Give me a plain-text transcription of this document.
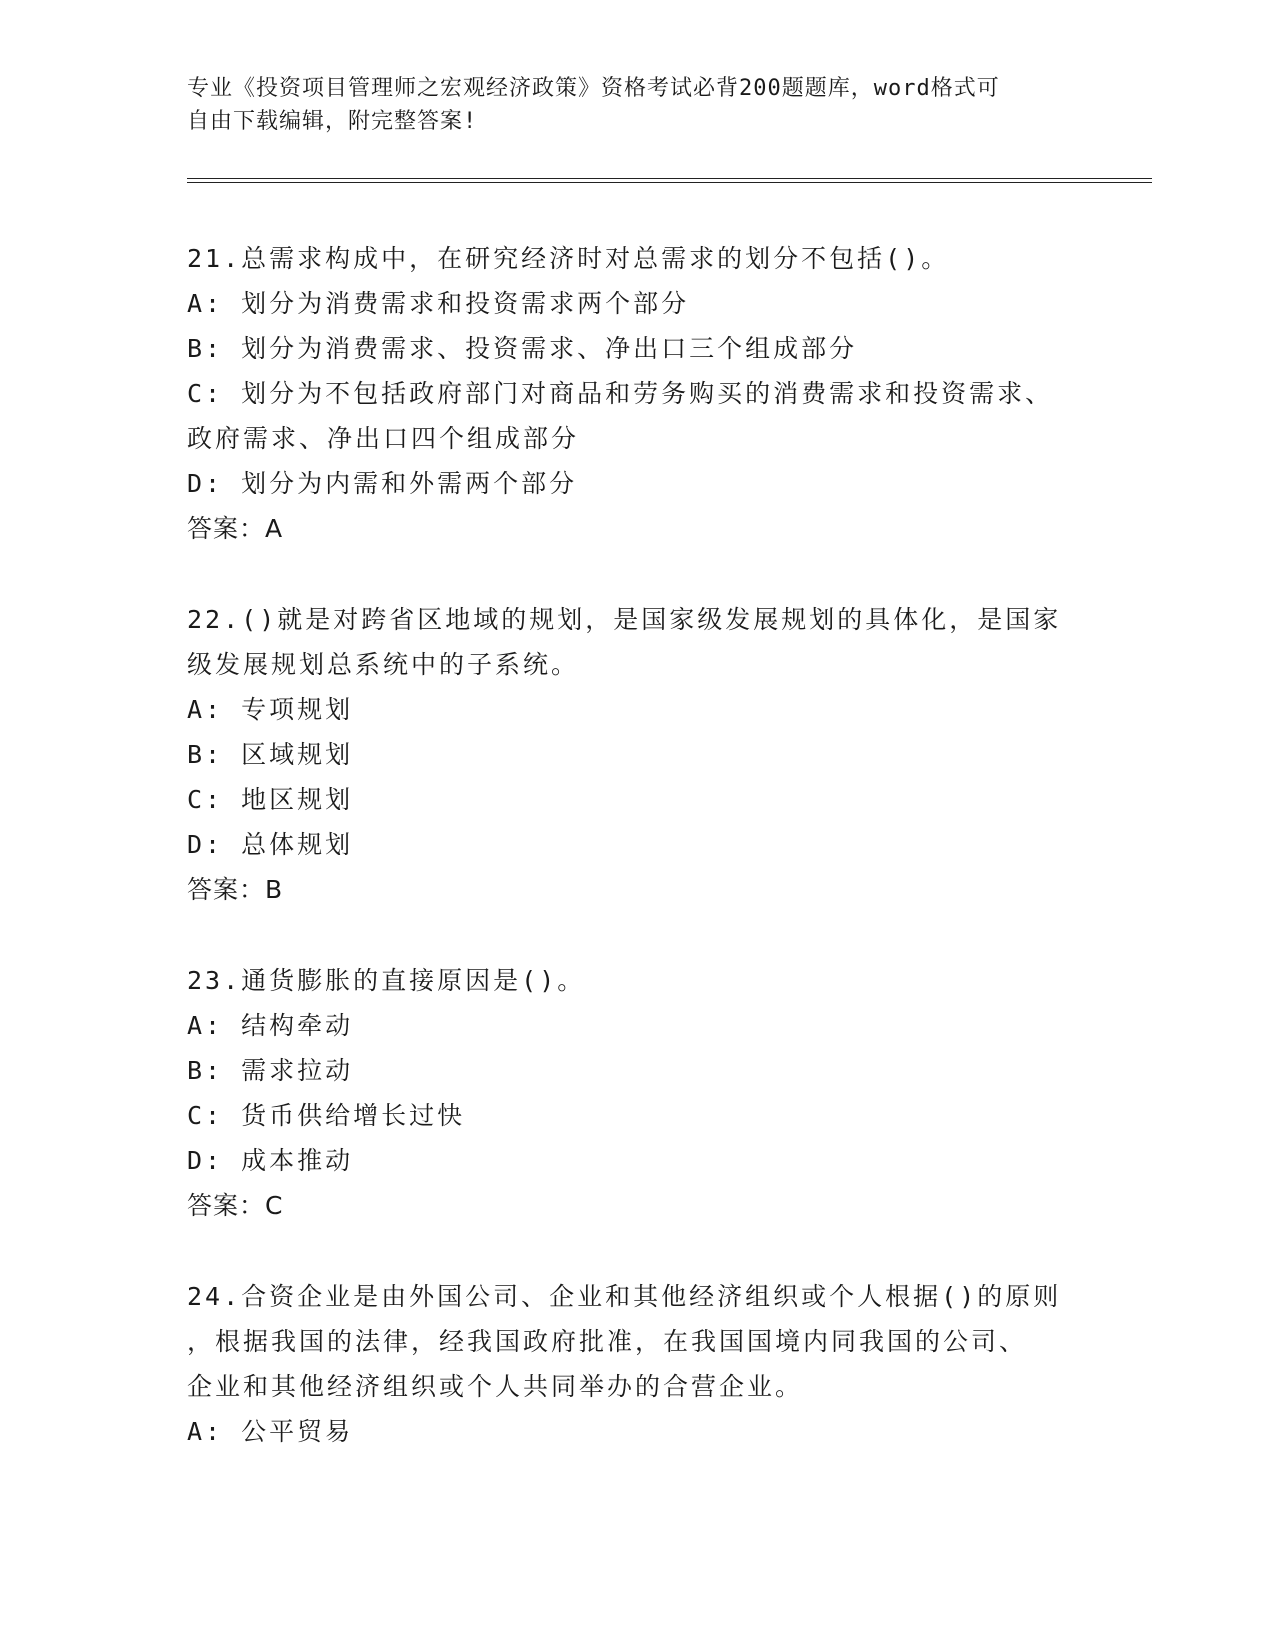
专业《投资项目管理师之宏观经济政策》资格考试必背200题题库，word格式可
自由下载编辑，附完整答案!
21.总需求构成中，在研究经济时对总需求的划分不包括()。
A: 划分为消费需求和投资需求两个部分
B: 划分为消费需求、投资需求、净出口三个组成部分
C: 划分为不包括政府部门对商品和劳务购买的消费需求和投资需求、
政府需求、净出口四个组成部分
D: 划分为内需和外需两个部分
答案：A
22.()就是对跨省区地域的规划，是国家级发展规划的具体化，是国家
级发展规划总系统中的子系统。
A: 专项规划
B: 区域规划
C: 地区规划
D: 总体规划
答案：B
23.通货膨胀的直接原因是()。
A: 结构牵动
B: 需求拉动
C: 货币供给增长过快
D: 成本推动
答案：C
24.合资企业是由外国公司、企业和其他经济组织或个人根据()的原则
，根据我国的法律，经我国政府批准，在我国国境内同我国的公司、
企业和其他经济组织或个人共同举办的合营企业。
A: 公平贸易
